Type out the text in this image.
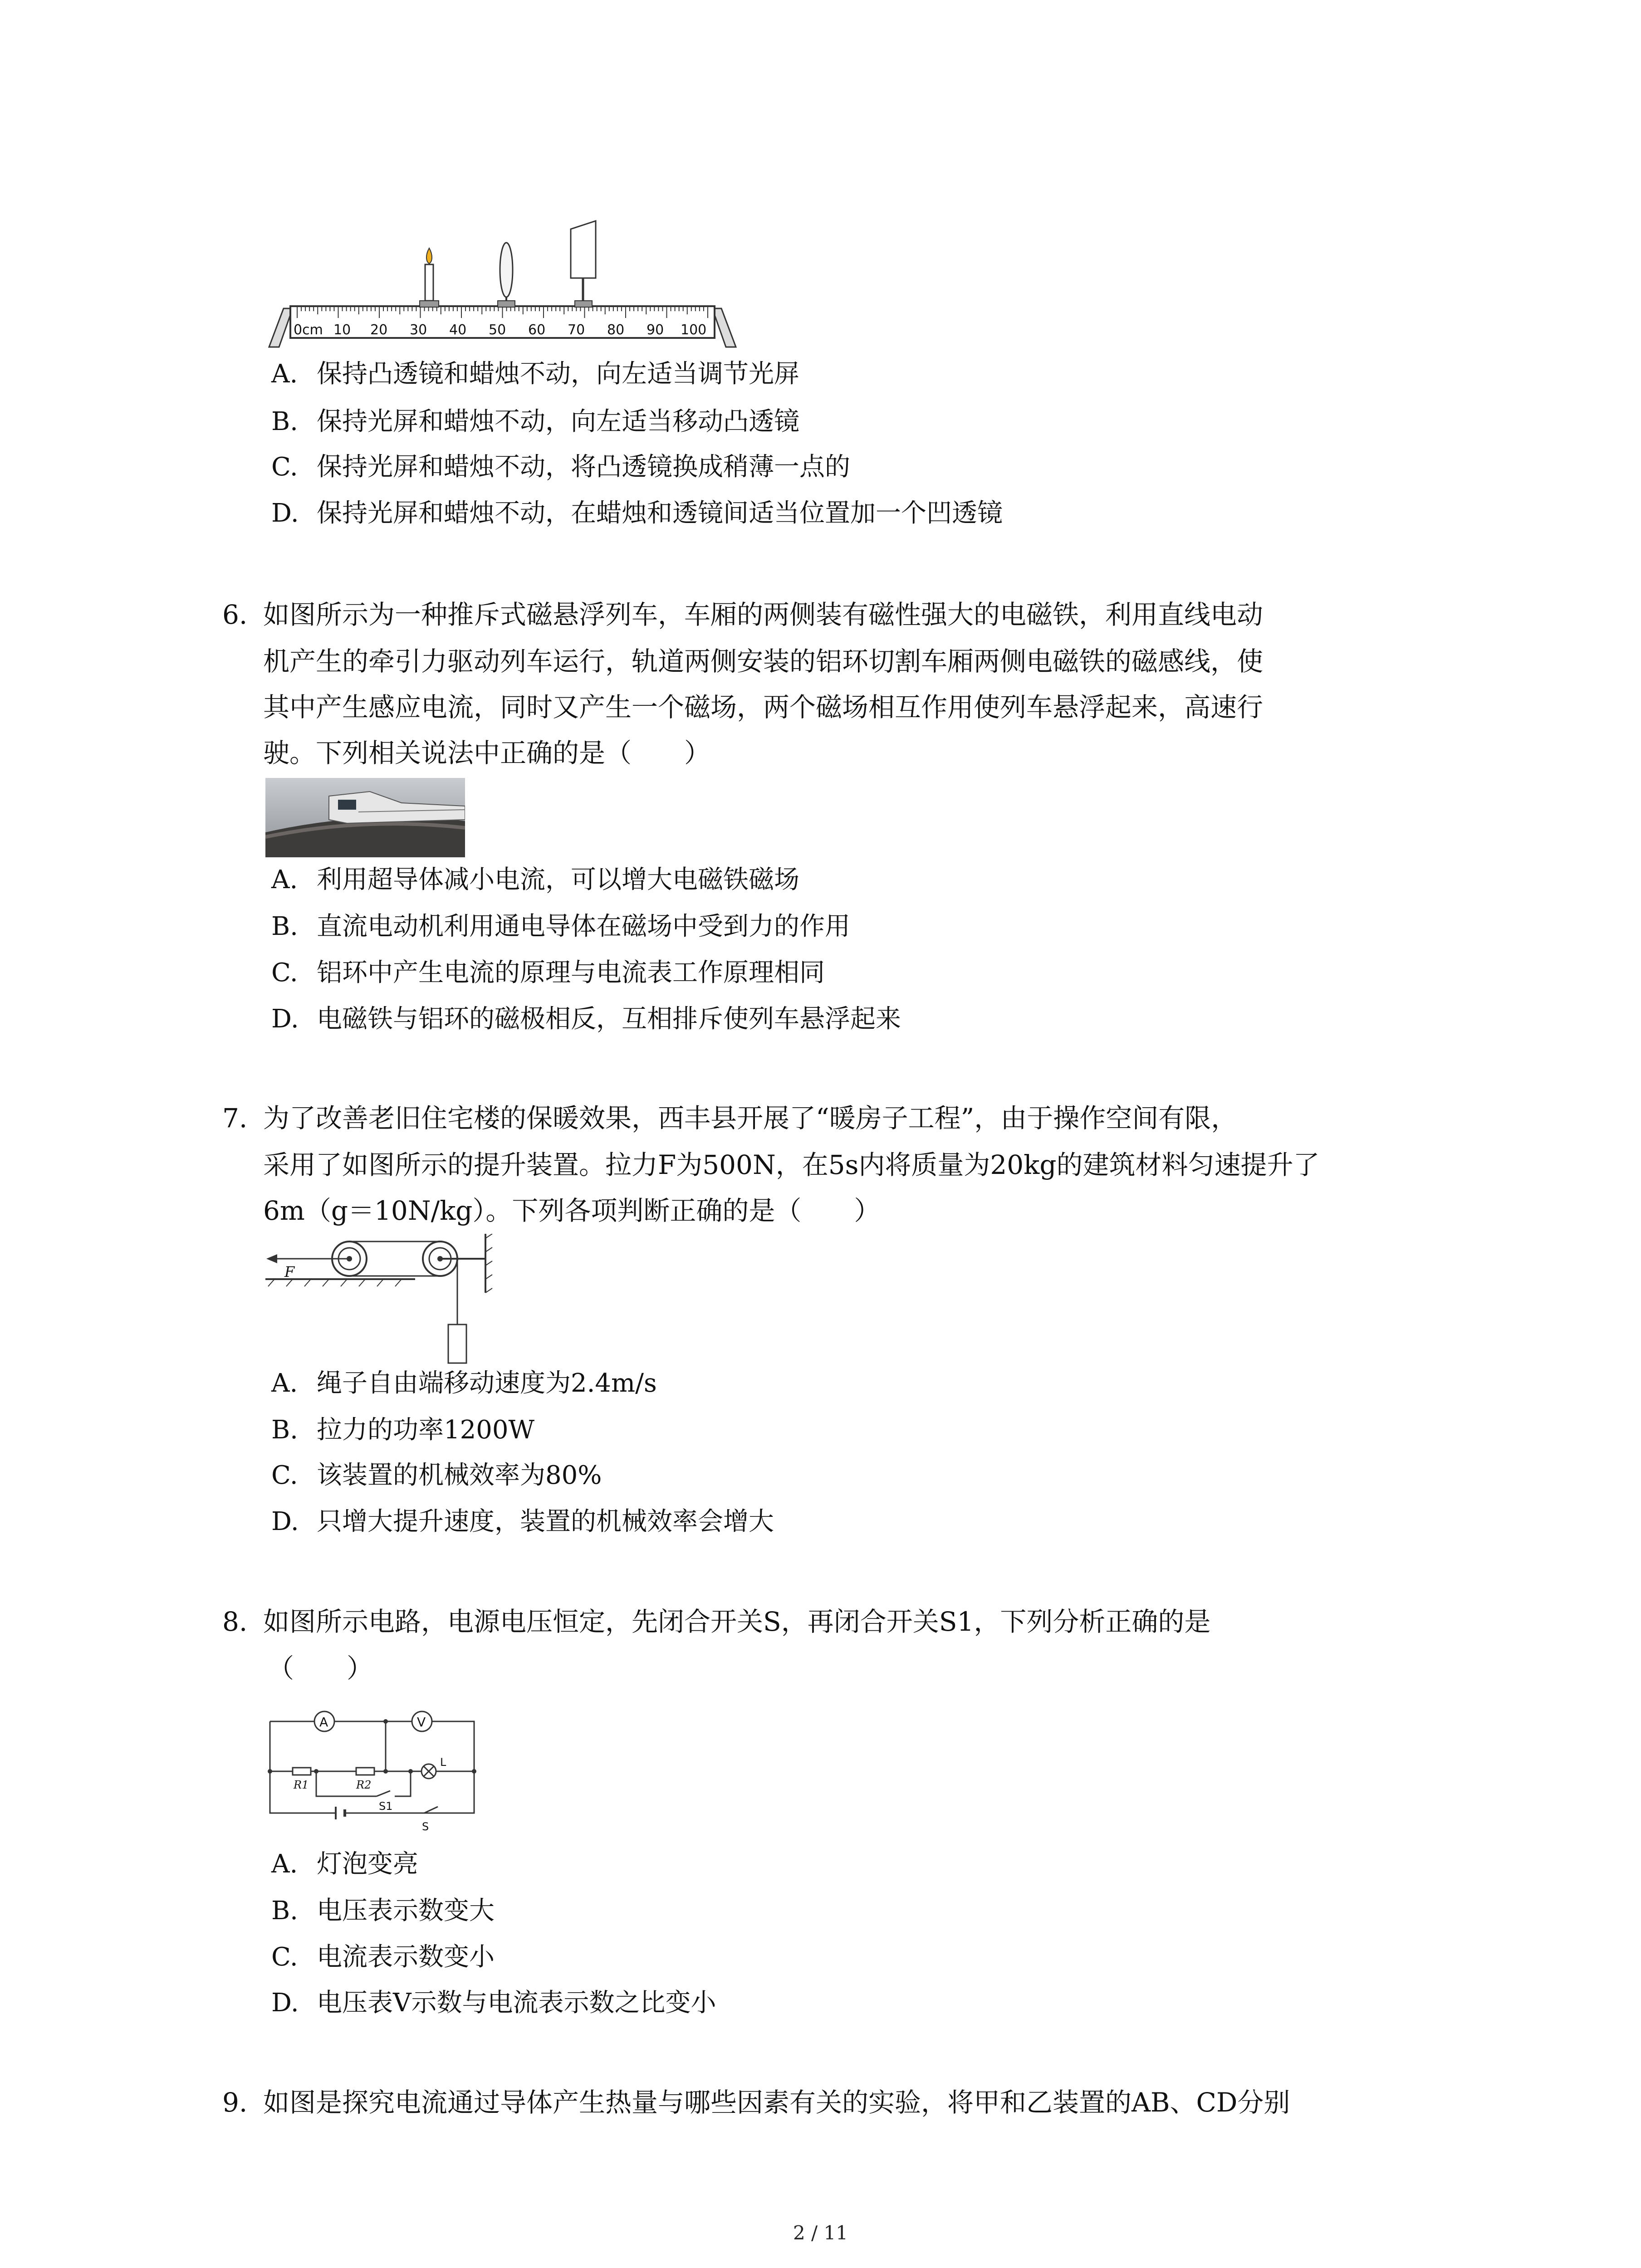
0cm 10 20 30 40 50 60 70 80 90 100
A. 保持凸透镜和蜡烛不动，向左适当调节光屏
B. 保持光屏和蜡烛不动，向左适当移动凸透镜
C. 保持光屏和蜡烛不动，将凸透镜换成稍薄一点的
D. 保持光屏和蜡烛不动，在蜡烛和透镜间适当位置加一个凹透镜
6. 如图所示为一种推斥式磁悬浮列车，车厢的两侧装有磁性强大的电磁铁，利用直线电动
机产生的牵引力驱动列车运行，轨道两侧安装的铝环切割车厢两侧电磁铁的磁感线，使
其中产生感应电流，同时又产生一个磁场，两个磁场相互作用使列车悬浮起来，高速行
驶。下列相关说法中正确的是（　　）
A. 利用超导体减小电流，可以增大电磁铁磁场
B. 直流电动机利用通电导体在磁场中受到力的作用
C. 铝环中产生电流的原理与电流表工作原理相同
D. 电磁铁与铝环的磁极相反，互相排斥使列车悬浮起来
7. 为了改善老旧住宅楼的保暖效果，西丰县开展了“暖房子工程”，由于操作空间有限，
采用了如图所示的提升装置。拉力F为500N，在5s内将质量为20kg的建筑材料匀速提升了
6m（g＝10N/kg）。下列各项判断正确的是（　　）
F
A. 绳子自由端移动速度为2.4m/s
B. 拉力的功率1200W
C. 该装置的机械效率为80%
D. 只增大提升速度，装置的机械效率会增大
8. 如图所示电路，电源电压恒定，先闭合开关S，再闭合开关S1，下列分析正确的是
（　　）
A	V
L
R1	R2
S1
S
A. 灯泡变亮
B. 电压表示数变大
C. 电流表示数变小
D. 电压表V示数与电流表示数之比变小
9. 如图是探究电流通过导体产生热量与哪些因素有关的实验，将甲和乙装置的AB、CD分别
2 / 11
